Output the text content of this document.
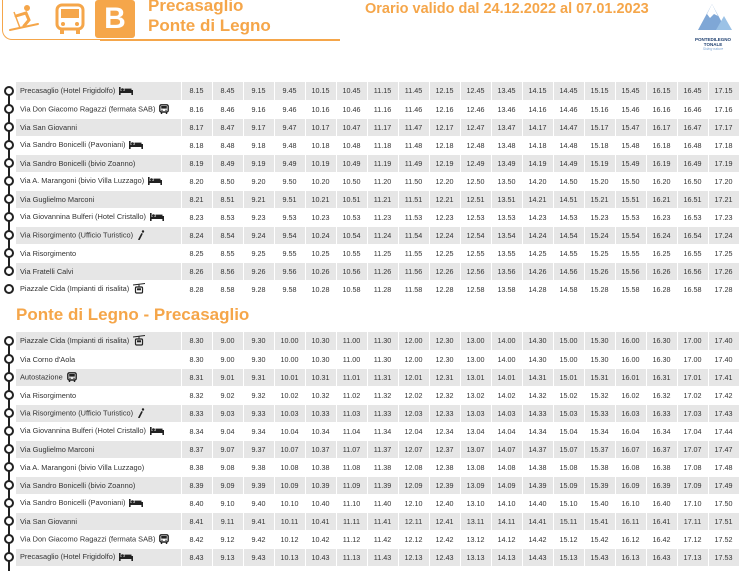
B	Precasaglio
Ponte di Legno
Orario valido dal 24.12.2022 al 07.01.2023
PONTEDILEGNO
TONALE
Skiing nature
Precasaglio (Hotel Frigidolfo)	8.15	8.45	9.15	9.45	10.15	10.45	11.15	11.45	12.15	12.45	13.45	14.15	14.45	15.15	15.45	16.15	16.45	17.15
Via Don Giacomo Ragazzi (fermata SAB)	8.16	8.46	9.16	9.46	10.16	10.46	11.16	11.46	12.16	12.46	13.46	14.16	14.46	15.16	15.46	16.16	16.46	17.16
Via San Giovanni	8.17	8.47	9.17	9.47	10.17	10.47	11.17	11.47	12.17	12.47	13.47	14.17	14.47	15.17	15.47	16.17	16.47	17.17
Via Sandro Bonicelli (Pavoniani)	8.18	8.48	9.18	9.48	10.18	10.48	11.18	11.48	12.18	12.48	13.48	14.18	14.48	15.18	15.48	16.18	16.48	17.18
Via Sandro Bonicelli (bivio Zoanno)	8.19	8.49	9.19	9.49	10.19	10.49	11.19	11.49	12.19	12.49	13.49	14.19	14.49	15.19	15.49	16.19	16.49	17.19
Via A. Marangoni (bivio Villa Luzzago)	8.20	8.50	9.20	9.50	10.20	10.50	11.20	11.50	12.20	12.50	13.50	14.20	14.50	15.20	15.50	16.20	16.50	17.20
Via Guglielmo Marconi	8.21	8.51	9.21	9.51	10.21	10.51	11.21	11.51	12.21	12.51	13.51	14.21	14.51	15.21	15.51	16.21	16.51	17.21
Via Giovannina Bulferi (Hotel Cristallo)	8.23	8.53	9.23	9.53	10.23	10.53	11.23	11.53	12.23	12.53	13.53	14.23	14.53	15.23	15.53	16.23	16.53	17.23
Via Risorgimento (Ufficio Turistico)	8.24	8.54	9.24	9.54	10.24	10.54	11.24	11.54	12.24	12.54	13.54	14.24	14.54	15.24	15.54	16.24	16.54	17.24
Via Risorgimento	8.25	8.55	9.25	9.55	10.25	10.55	11.25	11.55	12.25	12.55	13.55	14.25	14.55	15.25	15.55	16.25	16.55	17.25
Via Fratelli Calvi	8.26	8.56	9.26	9.56	10.26	10.56	11.26	11.56	12.26	12.56	13.56	14.26	14.56	15.26	15.56	16.26	16.56	17.26
Piazzale Cida (Impianti di risalita)	8.28	8.58	9.28	9.58	10.28	10.58	11.28	11.58	12.28	12.58	13.58	14.28	14.58	15.28	15.58	16.28	16.58	17.28
Ponte di Legno - Precasaglio
Piazzale Cida (Impianti di risalita)	8.30	9.00	9.30	10.00	10.30	11.00	11.30	12.00	12.30	13.00	14.00	14.30	15.00	15.30	16.00	16.30	17.00	17.40
Via Corno d'Aola	8.30	9.00	9.30	10.00	10.30	11.00	11.30	12.00	12.30	13.00	14.00	14.30	15.00	15.30	16.00	16.30	17.00	17.40
Autostazione	8.31	9.01	9.31	10.01	10.31	11.01	11.31	12.01	12.31	13.01	14.01	14.31	15.01	15.31	16.01	16.31	17.01	17.41
Via Risorgimento	8.32	9.02	9.32	10.02	10.32	11.02	11.32	12.02	12.32	13.02	14.02	14.32	15.02	15.32	16.02	16.32	17.02	17.42
Via Risorgimento (Ufficio Turistico)	8.33	9.03	9.33	10.03	10.33	11.03	11.33	12.03	12.33	13.03	14.03	14.33	15.03	15.33	16.03	16.33	17.03	17.43
Via Giovannina Bulferi (Hotel Cristallo)	8.34	9.04	9.34	10.04	10.34	11.04	11.34	12.04	12.34	13.04	14.04	14.34	15.04	15.34	16.04	16.34	17.04	17.44
Via Guglielmo Marconi	8.37	9.07	9.37	10.07	10.37	11.07	11.37	12.07	12.37	13.07	14.07	14.37	15.07	15.37	16.07	16.37	17.07	17.47
Via A. Marangoni (bivio Villa Luzzago)	8.38	9.08	9.38	10.08	10.38	11.08	11.38	12.08	12.38	13.08	14.08	14.38	15.08	15.38	16.08	16.38	17.08	17.48
Via Sandro Bonicelli (bivio Zoanno)	8.39	9.09	9.39	10.09	10.39	11.09	11.39	12.09	12.39	13.09	14.09	14.39	15.09	15.39	16.09	16.39	17.09	17.49
Via Sandro Bonicelli (Pavoniani)	8.40	9.10	9.40	10.10	10.40	11.10	11.40	12.10	12.40	13.10	14.10	14.40	15.10	15.40	16.10	16.40	17.10	17.50
Via San Giovanni	8.41	9.11	9.41	10.11	10.41	11.11	11.41	12.11	12.41	13.11	14.11	14.41	15.11	15.41	16.11	16.41	17.11	17.51
Via Don Giacomo Ragazzi (fermata SAB)	8.42	9.12	9.42	10.12	10.42	11.12	11.42	12.12	12.42	13.12	14.12	14.42	15.12	15.42	16.12	16.42	17.12	17.52
Precasaglio (Hotel Frigidolfo)	8.43	9.13	9.43	10.13	10.43	11.13	11.43	12.13	12.43	13.13	14.13	14.43	15.13	15.43	16.13	16.43	17.13	17.53
